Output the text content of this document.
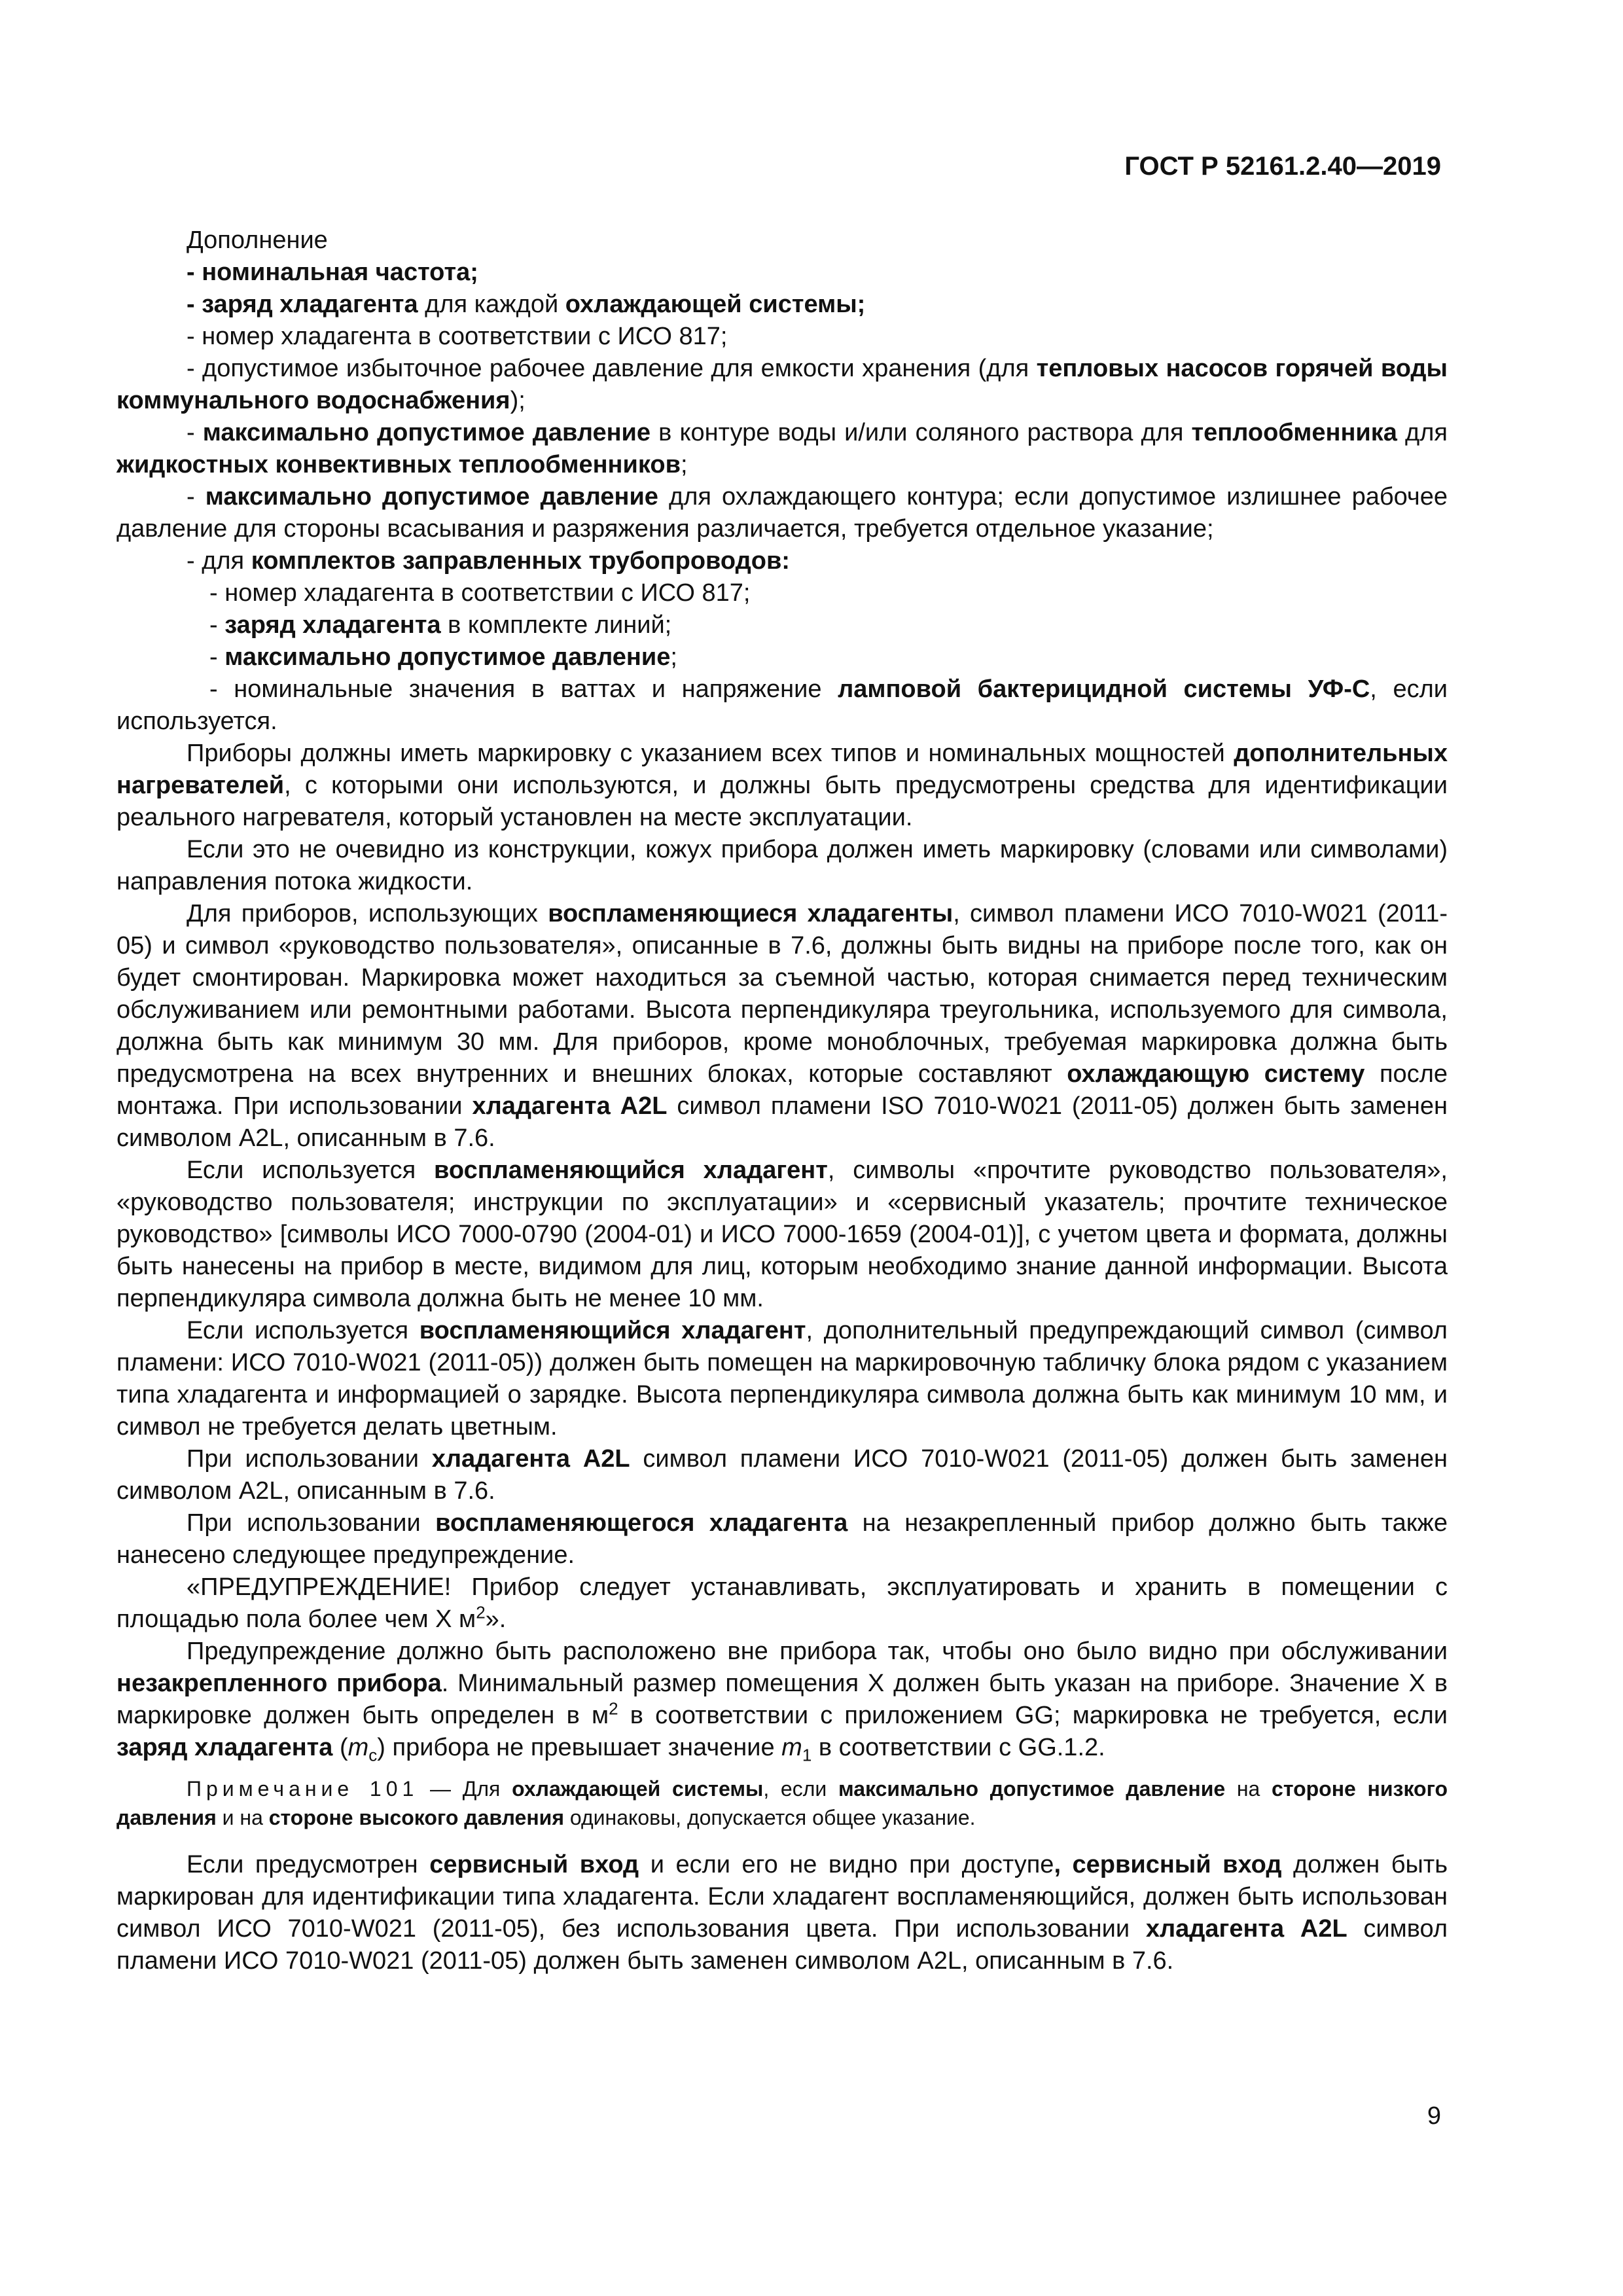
ГОСТ Р 52161.2.40—2019

Дополнение

- номинальная частота;

- заряд хладагента для каждой охлаждающей системы;

- номер хладагента в соответствии с ИСО 817;

- допустимое избыточное рабочее давление для емкости хранения (для тепловых насосов горячей воды коммунального водоснабжения);

- максимально допустимое давление в контуре воды и/или соляного раствора для теплообменника для жидкостных конвективных теплообменников;

- максимально допустимое давление для охлаждающего контура; если допустимое излишнее рабочее давление для стороны всасывания и разряжения различается, требуется отдельное указание;

- для комплектов заправленных трубопроводов:

- номер хладагента в соответствии с ИСО 817;

- заряд хладагента в комплекте линий;

- максимально допустимое давление;

- номинальные значения в ваттах и напряжение ламповой бактерицидной системы УФ-С, если используется.

Приборы должны иметь маркировку с указанием всех типов и номинальных мощностей дополнительных нагревателей, с которыми они используются, и должны быть предусмотрены средства для идентификации реального нагревателя, который установлен на месте эксплуатации.

Если это не очевидно из конструкции, кожух прибора должен иметь маркировку (словами или символами) направления потока жидкости.

Для приборов, использующих воспламеняющиеся хладагенты, символ пламени ИСО 7010-W021 (2011-05) и символ «руководство пользователя», описанные в 7.6, должны быть видны на приборе после того, как он будет смонтирован. Маркировка может находиться за съемной частью, которая снимается перед техническим обслуживанием или ремонтными работами. Высота перпендикуляра треугольника, используемого для символа, должна быть как минимум 30 мм. Для приборов, кроме моноблочных, требуемая маркировка должна быть предусмотрена на всех внутренних и внешних блоках, которые составляют охлаждающую систему после монтажа. При использовании хладагента A2L символ пламени ISO 7010-W021 (2011-05) должен быть заменен символом A2L, описанным в 7.6.

Если используется воспламеняющийся хладагент, символы «прочтите руководство пользователя», «руководство пользователя; инструкции по эксплуатации» и «сервисный указатель; прочтите техническое руководство» [символы ИСО 7000-0790 (2004-01) и ИСО 7000-1659 (2004-01)], с учетом цвета и формата, должны быть нанесены на прибор в месте, видимом для лиц, которым необходимо знание данной информации. Высота перпендикуляра символа должна быть не менее 10 мм.

Если используется воспламеняющийся хладагент, дополнительный предупреждающий символ (символ пламени: ИСО 7010-W021 (2011-05)) должен быть помещен на маркировочную табличку блока рядом с указанием типа хладагента и информацией о зарядке. Высота перпендикуляра символа должна быть как минимум 10 мм, и символ не требуется делать цветным.

При использовании хладагента A2L символ пламени ИСО 7010-W021 (2011-05) должен быть заменен символом A2L, описанным в 7.6.

При использовании воспламеняющегося хладагента на незакрепленный прибор должно быть также нанесено следующее предупреждение.

«ПРЕДУПРЕЖДЕНИЕ! Прибор следует устанавливать, эксплуатировать и хранить в помещении с площадью пола более чем X $м^2$».

Предупреждение должно быть расположено вне прибора так, чтобы оно было видно при обслуживании незакрепленного прибора. Минимальный размер помещения X должен быть указан на приборе. Значение X в маркировке должен быть определен в $м^2$ в соответствии с приложением GG; маркировка не требуется, если заряд хладагента $(m_c)$ прибора не превышает значение $m_1$ в соответствии с GG.1.2.

Примечание 101 — Для охлаждающей системы, если максимально допустимое давление на стороне низкого давления и на стороне высокого давления одинаковы, допускается общее указание.

Если предусмотрен сервисный вход и если его не видно при доступе, сервисный вход должен быть маркирован для идентификации типа хладагента. Если хладагент воспламеняющийся, должен быть использован символ ИСО 7010-W021 (2011-05), без использования цвета. При использовании хладагента A2L символ пламени ИСО 7010-W021 (2011-05) должен быть заменен символом A2L, описанным в 7.6.

9
